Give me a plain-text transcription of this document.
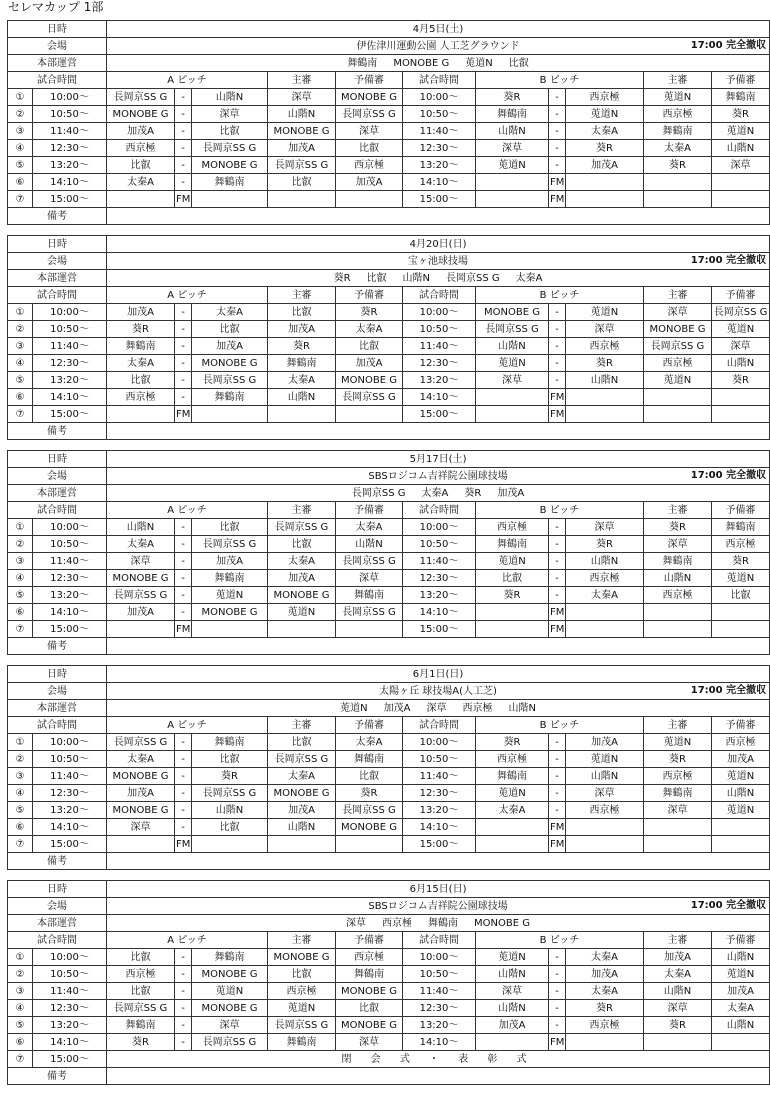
セレマカップ 1部
日時		4月5日(土)										
会場		伊佐津川運動公園 人工芝グラウンド 17:00 完全撤収										

本部運営		舞鶴南 MONOBE G 莵道N 比叡										
試合時間		A ピッチ			主審	予備審	試合時間	B ピッチ			主審	予備審
①	10:00〜	長岡京SS G	-	山階N	深草	MONOBE G	10:00〜	葵R	-	西京極	莵道N	舞鶴南
②	10:50〜	MONOBE G	-	深草	山階N	長岡京SS G	10:50〜	舞鶴南	-	莵道N	西京極	葵R
③	11:40〜	加茂A	-	比叡	MONOBE G	深草	11:40〜	山階N	-	太秦A	舞鶴南	莵道N
④	12:30〜	西京極	-	長岡京SS G	加茂A	比叡	12:30〜	深草	-	葵R	太秦A	山階N
⑤	13:20〜	比叡	-	MONOBE G	長岡京SS G	西京極	13:20〜	莵道N	-	加茂A	葵R	深草
⑥	14:10〜	太秦A	-	舞鶴南	比叡	加茂A	14:10〜		FM			
⑦	15:00〜		FM				15:00〜		FM			
備考												
日時		4月20日(日)										
会場		宝ヶ池球技場 17:00 完全撤収										

本部運営		葵R 比叡 山階N 長岡京SS G 太秦A										
試合時間		A ピッチ			主審	予備審	試合時間	B ピッチ			主審	予備審
①	10:00〜	加茂A	-	太秦A	比叡	葵R	10:00〜	MONOBE G	-	莵道N	深草	長岡京SS G
②	10:50〜	葵R	-	比叡	加茂A	太秦A	10:50〜	長岡京SS G	-	深草	MONOBE G	莵道N
③	11:40〜	舞鶴南	-	加茂A	葵R	比叡	11:40〜	山階N	-	西京極	長岡京SS G	深草
④	12:30〜	太秦A	-	MONOBE G	舞鶴南	加茂A	12:30〜	莵道N	-	葵R	西京極	山階N
⑤	13:20〜	比叡	-	長岡京SS G	太秦A	MONOBE G	13:20〜	深草	-	山階N	莵道N	葵R
⑥	14:10〜	西京極	-	舞鶴南	山階N	長岡京SS G	14:10〜		FM			
⑦	15:00〜		FM				15:00〜		FM			
備考												
日時		5月17日(土)										
会場		SBSロジコム吉祥院公園球技場 17:00 完全撤収										

本部運営		長岡京SS G 太秦A 葵R 加茂A										
試合時間		A ピッチ			主審	予備審	試合時間	B ピッチ			主審	予備審
①	10:00〜	山階N	-	比叡	長岡京SS G	太秦A	10:00〜	西京極	-	深草	葵R	舞鶴南
②	10:50〜	太秦A	-	長岡京SS G	比叡	山階N	10:50〜	舞鶴南	-	葵R	深草	西京極
③	11:40〜	深草	-	加茂A	太秦A	長岡京SS G	11:40〜	莵道N	-	山階N	舞鶴南	葵R
④	12:30〜	MONOBE G	-	舞鶴南	加茂A	深草	12:30〜	比叡	-	西京極	山階N	莵道N
⑤	13:20〜	長岡京SS G	-	莵道N	MONOBE G	舞鶴南	13:20〜	葵R	-	太秦A	西京極	比叡
⑥	14:10〜	加茂A	-	MONOBE G	莵道N	長岡京SS G	14:10〜		FM			
⑦	15:00〜		FM				15:00〜		FM			
備考												
日時		6月1日(日)										
会場		太陽ヶ丘 球技場A(人工芝) 17:00 完全撤収										

本部運営		莵道N 加茂A 深草 西京極 山階N										
試合時間		A ピッチ			主審	予備審	試合時間	B ピッチ			主審	予備審
①	10:00〜	長岡京SS G	-	舞鶴南	比叡	太秦A	10:00〜	葵R	-	加茂A	莵道N	西京極
②	10:50〜	太秦A	-	比叡	長岡京SS G	舞鶴南	10:50〜	西京極	-	莵道N	葵R	加茂A
③	11:40〜	MONOBE G	-	葵R	太秦A	比叡	11:40〜	舞鶴南	-	山階N	西京極	莵道N
④	12:30〜	加茂A	-	長岡京SS G	MONOBE G	葵R	12:30〜	莵道N	-	深草	舞鶴南	山階N
⑤	13:20〜	MONOBE G	-	山階N	加茂A	長岡京SS G	13:20〜	太秦A	-	西京極	深草	莵道N
⑥	14:10〜	深草	-	比叡	山階N	MONOBE G	14:10〜		FM			
⑦	15:00〜		FM				15:00〜		FM			
備考												
日時		6月15日(日)										
会場		SBSロジコム吉祥院公園球技場 17:00 完全撤収										

本部運営		深草 西京極 舞鶴南 MONOBE G										
試合時間		A ピッチ			主審	予備審	試合時間	B ピッチ			主審	予備審
①	10:00〜	比叡	-	舞鶴南	MONOBE G	西京極	10:00〜	莵道N	-	太秦A	加茂A	山階N
②	10:50〜	西京極	-	MONOBE G	比叡	舞鶴南	10:50〜	山階N	-	加茂A	太秦A	莵道N
③	11:40〜	比叡	-	莵道N	西京極	MONOBE G	11:40〜	深草	-	太秦A	山階N	加茂A
④	12:30〜	長岡京SS G	-	MONOBE G	莵道N	比叡	12:30〜	山階N	-	葵R	深草	太秦A
⑤	13:20〜	舞鶴南	-	深草	長岡京SS G	MONOBE G	13:20〜	加茂A	-	西京極	葵R	山階N
⑥	14:10〜	葵R	-	長岡京SS G	舞鶴南	深草	14:10〜		FM			
⑦	15:00〜	閉 会 式 ・ 表 彰 式										
備考												
